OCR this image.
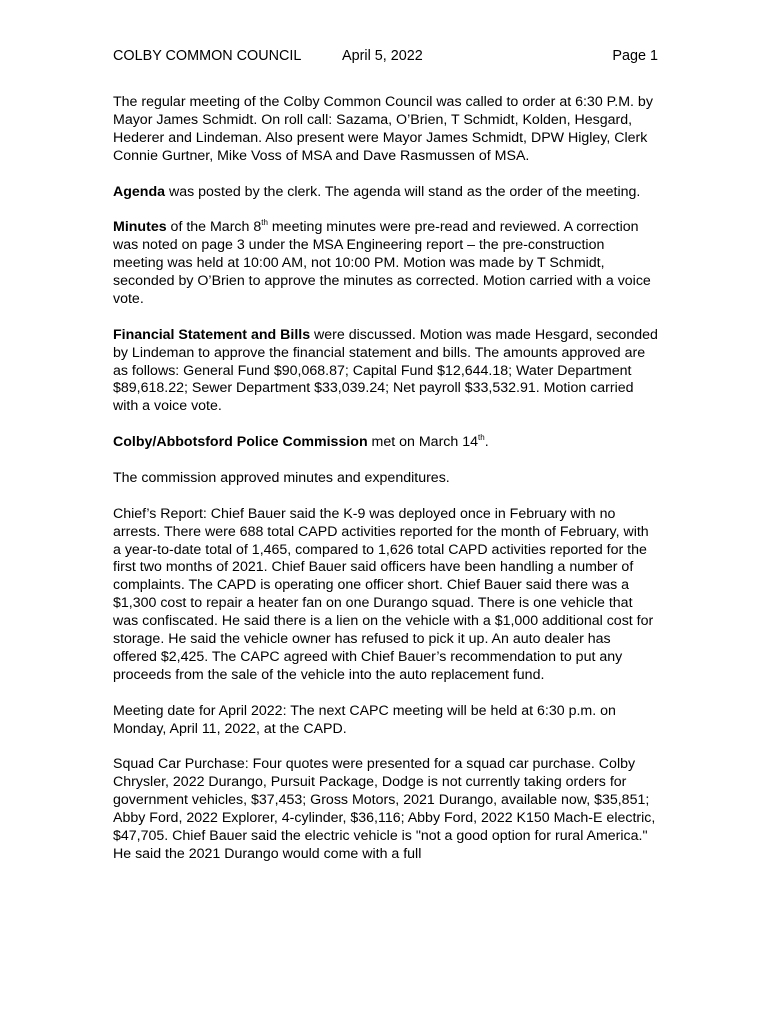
COLBY COMMON COUNCIL	April 5, 2022	Page 1

The regular meeting of the Colby Common Council was called to order at 6:30 P.M. by Mayor James Schmidt. On roll call: Sazama, O’Brien, T Schmidt, Kolden, Hesgard, Hederer and Lindeman. Also present were Mayor James Schmidt, DPW Higley, Clerk Connie Gurtner, Mike Voss of MSA and Dave Rasmussen of MSA.

Agenda was posted by the clerk. The agenda will stand as the order of the meeting.

Minutes of the March 8th meeting minutes were pre-read and reviewed. A correction was noted on page 3 under the MSA Engineering report – the pre-construction meeting was held at 10:00 AM, not 10:00 PM. Motion was made by T Schmidt, seconded by O’Brien to approve the minutes as corrected. Motion carried with a voice vote.

Financial Statement and Bills were discussed. Motion was made Hesgard, seconded by Lindeman to approve the financial statement and bills. The amounts approved are as follows: General Fund $90,068.87; Capital Fund $12,644.18; Water Department $89,618.22; Sewer Department $33,039.24; Net payroll $33,532.91. Motion carried with a voice vote.

Colby/Abbotsford Police Commission met on March 14th.

The commission approved minutes and expenditures.

Chief’s Report: Chief Bauer said the K-9 was deployed once in February with no arrests. There were 688 total CAPD activities reported for the month of February, with a year-to-date total of 1,465, compared to 1,626 total CAPD activities reported for the first two months of 2021. Chief Bauer said officers have been handling a number of complaints. The CAPD is operating one officer short. Chief Bauer said there was a $1,300 cost to repair a heater fan on one Durango squad. There is one vehicle that was confiscated. He said there is a lien on the vehicle with a $1,000 additional cost for storage. He said the vehicle owner has refused to pick it up. An auto dealer has offered $2,425. The CAPC agreed with Chief Bauer’s recommendation to put any proceeds from the sale of the vehicle into the auto replacement fund.

Meeting date for April 2022: The next CAPC meeting will be held at 6:30 p.m. on Monday, April 11, 2022, at the CAPD.

Squad Car Purchase: Four quotes were presented for a squad car purchase. Colby Chrysler, 2022 Durango, Pursuit Package, Dodge is not currently taking orders for government vehicles, $37,453; Gross Motors, 2021 Durango, available now, $35,851; Abby Ford, 2022 Explorer, 4-cylinder, $36,116; Abby Ford, 2022 K150 Mach-E electric, $47,705. Chief Bauer said the electric vehicle is "not a good option for rural America." He said the 2021 Durango would come with a full
